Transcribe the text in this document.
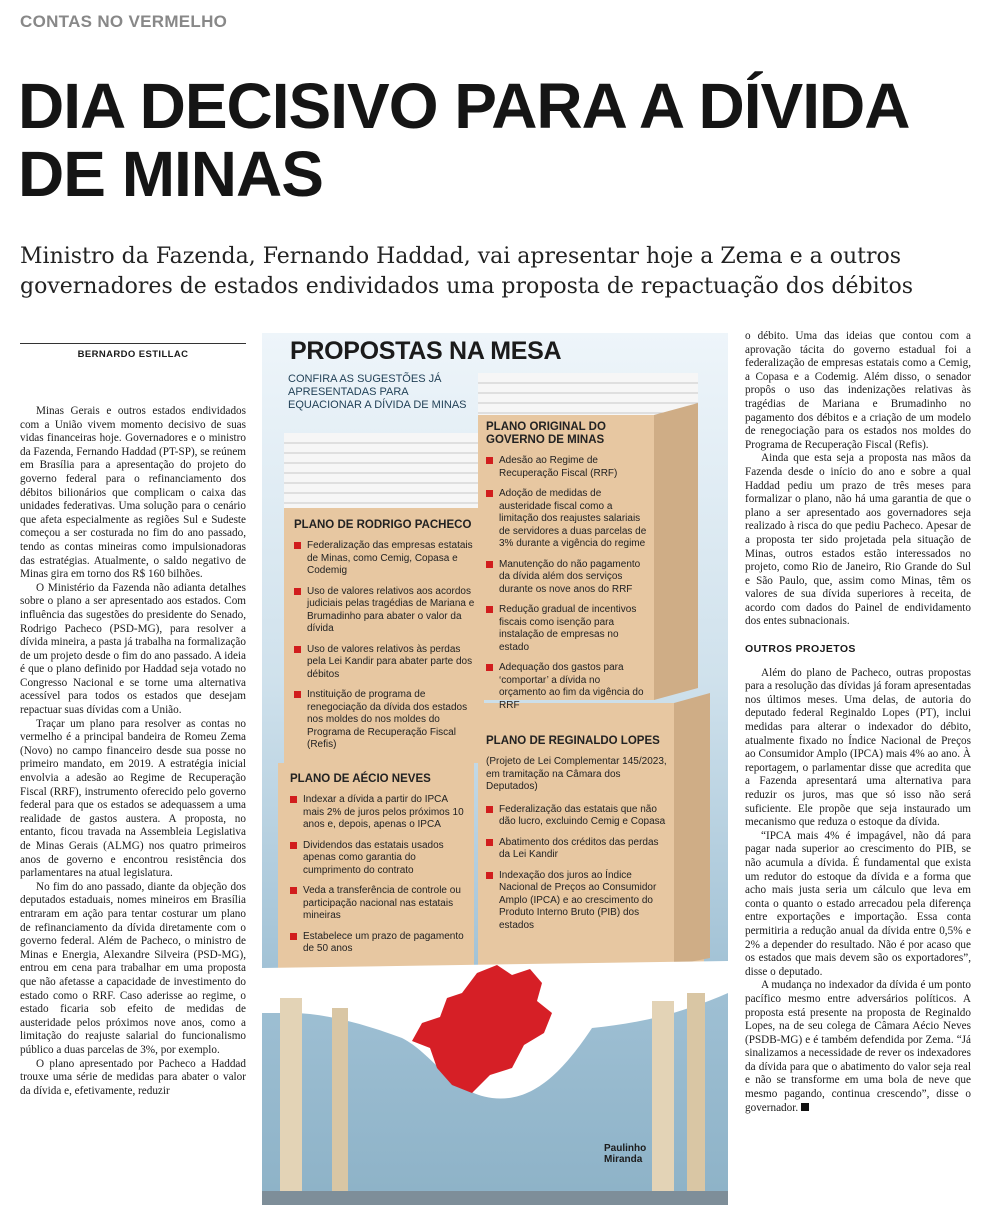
CONTAS NO VERMELHO
DIA DECISIVO PARA A DÍVIDA DE MINAS

Ministro da Fazenda, Fernando Haddad, vai apresentar hoje a Zema e a outros governadores de estados endividados uma proposta de repactuação dos débitos

BERNARDO ESTILLAC

Minas Gerais e outros estados endividados com a União vivem momento decisivo de suas vidas financeiras hoje. Governadores e o ministro da Fazenda, Fernando Haddad (PT-SP), se reúnem em Brasília para a apresentação do projeto do governo federal para o refinanciamento dos débitos bilionários que complicam o caixa das unidades federativas. Uma solução para o cenário que afeta especialmente as regiões Sul e Sudeste começou a ser costurada no fim do ano passado, tendo as contas mineiras como impulsionadoras das estratégias. Atualmente, o saldo negativo de Minas gira em torno dos R$ 160 bilhões.

O Ministério da Fazenda não adianta detalhes sobre o plano a ser apresentado aos estados. Com influência das sugestões do presidente do Senado, Rodrigo Pacheco (PSD-MG), para resolver a dívida mineira, a pasta já trabalha na formalização de um projeto desde o fim do ano passado. A ideia é que o plano definido por Haddad seja votado no Congresso Nacional e se torne uma alternativa acessível para todos os estados que desejam repactuar suas dívidas com a União.

Traçar um plano para resolver as contas no vermelho é a principal bandeira de Romeu Zema (Novo) no campo financeiro desde sua posse no primeiro mandato, em 2019. A estratégia inicial envolvia a adesão ao Regime de Recuperação Fiscal (RRF), instrumento oferecido pelo governo federal para que os estados se adequassem a uma realidade de gastos austera. A proposta, no entanto, ficou travada na Assembleia Legislativa de Minas Gerais (ALMG) nos quatro primeiros anos de governo e encontrou resistência dos parlamentares na atual legislatura.

No fim do ano passado, diante da objeção dos deputados estaduais, nomes mineiros em Brasília entraram em ação para tentar costurar um plano de refinanciamento da dívida diretamente com o governo federal. Além de Pacheco, o ministro de Minas e Energia, Alexandre Silveira (PSD-MG), entrou em cena para trabalhar em uma proposta que não afetasse a capacidade de investimento do estado como o RRF. Caso aderisse ao regime, o estado ficaria sob efeito de medidas de austeridade pelos próximos nove anos, como a limitação do reajuste salarial do funcionalismo público a duas parcelas de 3%, por exemplo.

O plano apresentado por Pacheco a Haddad trouxe uma série de medidas para abater o valor da dívida e, efetivamente, reduzir

o débito. Uma das ideias que contou com a aprovação tácita do governo estadual foi a federalização de empresas estatais como a Cemig, a Copasa e a Codemig. Além disso, o senador propôs o uso das indenizações relativas às tragédias de Mariana e Brumadinho no pagamento dos débitos e a criação de um modelo de renegociação para os estados nos moldes do Programa de Recuperação Fiscal (Refis).

Ainda que esta seja a proposta nas mãos da Fazenda desde o início do ano e sobre a qual Haddad pediu um prazo de três meses para formalizar o plano, não há uma garantia de que o plano a ser apresentado aos governadores seja realizado à risca do que pediu Pacheco. Apesar de a proposta ter sido projetada pela situação de Minas, outros estados estão interessados no projeto, como Rio de Janeiro, Rio Grande do Sul e São Paulo, que, assim como Minas, têm os valores de sua dívida superiores à receita, de acordo com dados do Painel de endividamento dos entes subnacionais.

OUTROS PROJETOS

Além do plano de Pacheco, outras propostas para a resolução das dívidas já foram apresentadas nos últimos meses. Uma delas, de autoria do deputado federal Reginaldo Lopes (PT), inclui medidas para alterar o indexador do débito, atualmente fixado no Índice Nacional de Preços ao Consumidor Amplo (IPCA) mais 4% ao ano. À reportagem, o parlamentar disse que acredita que a Fazenda apresentará uma alternativa para reduzir os juros, mas que só isso não será suficiente. Ele propõe que seja instaurado um mecanismo que reduza o estoque da dívida.

“IPCA mais 4% é impagável, não dá para pagar nada superior ao crescimento do PIB, se não acumula a dívida. É fundamental que exista um redutor do estoque da dívida e a forma que acho mais justa seria um cálculo que leva em conta o quanto o estado arrecadou pela diferença entre exportações e importação. Essa conta permitiria a redução anual da dívida entre 0,5% e 2% a depender do resultado. Não é por acaso que os estados que mais devem são os exportadores”, disse o deputado.

A mudança no indexador da dívida é um ponto pacífico mesmo entre adversários políticos. A proposta está presente na proposta de Reginaldo Lopes, na de seu colega de Câmara Aécio Neves (PSDB-MG) e é também defendida por Zema. “Já sinalizamos a necessidade de rever os indexadores da dívida para que o abatimento do valor seja real e não se transforme em uma bola de neve que mesmo pagando, continua crescendo”, disse o governador.

PROPOSTAS NA MESA
CONFIRA AS SUGESTÕES JÁ APRESENTADAS PARA EQUACIONAR A DÍVIDA DE MINAS
PLANO DE RODRIGO PACHECO
Federalização das empresas estatais de Minas, como Cemig, Copasa e Codemig
Uso de valores relativos aos acordos judiciais pelas tragédias de Mariana e Brumadinho para abater o valor da dívida
Uso de valores relativos às perdas pela Lei Kandir para abater parte dos débitos
Instituição de programa de renegociação da dívida dos estados nos moldes do nos moldes do Programa de Recuperação Fiscal (Refis)
PLANO ORIGINAL DO GOVERNO DE MINAS
Adesão ao Regime de Recuperação Fiscal (RRF)
Adoção de medidas de austeridade fiscal como a limitação dos reajustes salariais de servidores a duas parcelas de 3% durante a vigência do regime
Manutenção do não pagamento da dívida além dos serviços durante os nove anos do RRF
Redução gradual de incentivos fiscais como isenção para instalação de empresas no estado
Adequação dos gastos para ‘comportar’ a dívida no orçamento ao fim da vigência do RRF
PLANO DE REGINALDO LOPES

(Projeto de Lei Complementar 145/2023, em tramitação na Câmara dos Deputados)

Federalização das estatais que não dão lucro, excluindo Cemig e Copasa
Abatimento dos créditos das perdas da Lei Kandir
Indexação dos juros ao Índice Nacional de Preços ao Consumidor Amplo (IPCA) e ao crescimento do Produto Interno Bruto (PIB) dos estados
PLANO DE AÉCIO NEVES
Indexar a dívida a partir do IPCA mais 2% de juros pelos próximos 10 anos e, depois, apenas o IPCA
Dividendos das estatais usados apenas como garantia do cumprimento do contrato
Veda a transferência de controle ou participação nacional nas estatais mineiras
Estabelece um prazo de pagamento de 50 anos
Paulinho
Miranda
